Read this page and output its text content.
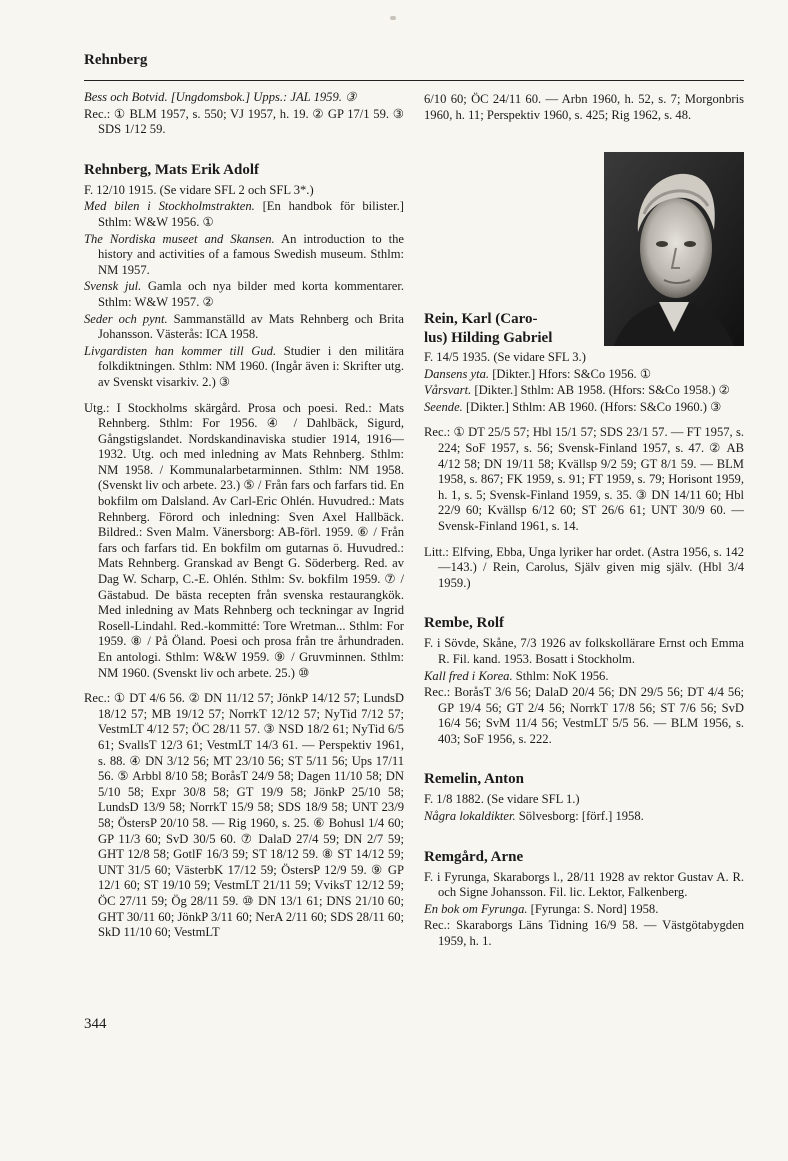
Rehnberg

Bess och Botvid. [Ungdomsbok.] Upps.: JAL 1959. ③

Rec.: ① BLM 1957, s. 550; VJ 1957, h. 19. ② GP 17/1 59. ③ SDS 1/12 59.

Rehnberg, Mats Erik Adolf

F. 12/10 1915. (Se vidare SFL 2 och SFL 3*.)

Med bilen i Stockholmstrakten. [En handbok för bilister.] Sthlm: W&W 1956. ①

The Nordiska museet and Skansen. An introduction to the history and activities of a famous Swedish museum. Sthlm: NM 1957.

Svensk jul. Gamla och nya bilder med korta kommentarer. Sthlm: W&W 1957. ②

Seder och pynt. Sammanställd av Mats Rehnberg och Brita Johansson. Västerås: ICA 1958.

Livgardisten han kommer till Gud. Studier i den militära folkdiktningen. Sthlm: NM 1960. (Ingår även i: Skrifter utg. av Svenskt visarkiv. 2.) ③

Utg.: I Stockholms skärgård. Prosa och poesi. Red.: Mats Rehnberg. Sthlm: For 1956. ④ / Dahlbäck, Sigurd, Gångstigslandet. Nordskandinaviska studier 1914, 1916—1932. Utg. och med inledning av Mats Rehnberg. Sthlm: NM 1958. / Kommunalarbetarminnen. Sthlm: NM 1958. (Svenskt liv och arbete. 23.) ⑤ / Från fars och farfars tid. En bokfilm om Dalsland. Av Carl-Eric Ohlén. Huvudred.: Mats Rehnberg. Förord och inledning: Sven Axel Hallbäck. Bildred.: Sven Malm. Vänersborg: AB-förl. 1959. ⑥ / Från fars och farfars tid. En bokfilm om gutarnas ö. Huvudred.: Mats Rehnberg. Granskad av Bengt G. Söderberg. Red. av Dag W. Scharp, C.-E. Ohlén. Sthlm: Sv. bokfilm 1959. ⑦ / Gästabud. De bästa recepten från svenska restaurangkök. Med inledning av Mats Rehnberg och teckningar av Ingrid Rosell-Lindahl. Red.-kommitté: Tore Wretman... Sthlm: For 1959. ⑧ / På Öland. Poesi och prosa från tre århundraden. En antologi. Sthlm: W&W 1959. ⑨ / Gruvminnen. Sthlm: NM 1960. (Svenskt liv och arbete. 25.) ⑩

Rec.: ① DT 4/6 56. ② DN 11/12 57; JönkP 14/12 57; LundsD 18/12 57; MB 19/12 57; NorrkT 12/12 57; NyTid 7/12 57; VestmLT 4/12 57; ÖC 28/11 57. ③ NSD 18/2 61; NyTid 6/5 61; SvallsT 12/3 61; VestmLT 14/3 61. — Perspektiv 1961, s. 88. ④ DN 3/12 56; MT 23/10 56; ST 5/11 56; Ups 17/11 56. ⑤ Arbbl 8/10 58; BoråsT 24/9 58; Dagen 11/10 58; DN 5/10 58; Expr 30/8 58; GT 19/9 58; JönkP 25/10 58; LundsD 13/9 58; NorrkT 15/9 58; SDS 18/9 58; UNT 23/9 58; ÖstersP 20/10 58. — Rig 1960, s. 25. ⑥ Bohusl 1/4 60; GP 11/3 60; SvD 30/5 60. ⑦ DalaD 27/4 59; DN 2/7 59; GHT 12/8 58; GotlF 16/3 59; ST 18/12 59. ⑧ ST 14/12 59; UNT 31/5 60; VästerbK 17/12 59; ÖstersP 12/9 59. ⑨ GP 12/1 60; ST 19/10 59; VestmLT 21/11 59; VviksT 12/12 59; ÖC 27/11 59; Ög 28/11 59. ⑩ DN 13/1 61; DNS 21/10 60; GHT 30/11 60; JönkP 3/11 60; NerA 2/11 60; SDS 28/11 60; SkD 11/10 60; VestmLT

6/10 60; ÖC 24/11 60. — Arbn 1960, h. 52, s. 7; Morgonbris 1960, h. 11; Perspektiv 1960, s. 425; Rig 1962, s. 48.

Rein, Karl (Caro-
lus) Hilding Gabriel

F. 14/5 1935. (Se vidare SFL 3.)

Dansens yta. [Dikter.] Hfors: S&Co 1956. ①

Vårsvart. [Dikter.] Sthlm: AB 1958. (Hfors: S&Co 1958.) ②

Seende. [Dikter.] Sthlm: AB 1960. (Hfors: S&Co 1960.) ③

Rec.: ① DT 25/5 57; Hbl 15/1 57; SDS 23/1 57. — FT 1957, s. 224; SoF 1957, s. 56; Svensk-Finland 1957, s. 47. ② AB 4/12 58; DN 19/11 58; Kvällsp 9/2 59; GT 8/1 59. — BLM 1958, s. 867; FK 1959, s. 91; FT 1959, s. 79; Horisont 1959, h. 1, s. 5; Svensk-Finland 1959, s. 35. ③ DN 14/11 60; Hbl 22/9 60; Kvällsp 6/12 60; ST 26/6 61; UNT 30/9 60. — Svensk-Finland 1961, s. 14.

Litt.: Elfving, Ebba, Unga lyriker har ordet. (Astra 1956, s. 142—143.) / Rein, Carolus, Själv given mig själv. (Hbl 3/4 1959.)

Rembe, Rolf

F. i Sövde, Skåne, 7/3 1926 av folkskollärare Ernst och Emma R. Fil. kand. 1953. Bosatt i Stockholm.

Kall fred i Korea. Sthlm: NoK 1956.

Rec.: BoråsT 3/6 56; DalaD 20/4 56; DN 29/5 56; DT 4/4 56; GP 19/4 56; GT 2/4 56; NorrkT 17/8 56; ST 7/6 56; SvD 16/4 56; SvM 11/4 56; VestmLT 5/5 56. — BLM 1956, s. 403; SoF 1956, s. 222.

Remelin, Anton

F. 1/8 1882. (Se vidare SFL 1.)

Några lokaldikter. Sölvesborg: [förf.] 1958.

Remgård, Arne

F. i Fyrunga, Skaraborgs l., 28/11 1928 av rektor Gustav A. R. och Signe Johansson. Fil. lic. Lektor, Falkenberg.

En bok om Fyrunga. [Fyrunga: S. Nord] 1958.

Rec.: Skaraborgs Läns Tidning 16/9 58. — Västgötabygden 1959, h. 1.

344
